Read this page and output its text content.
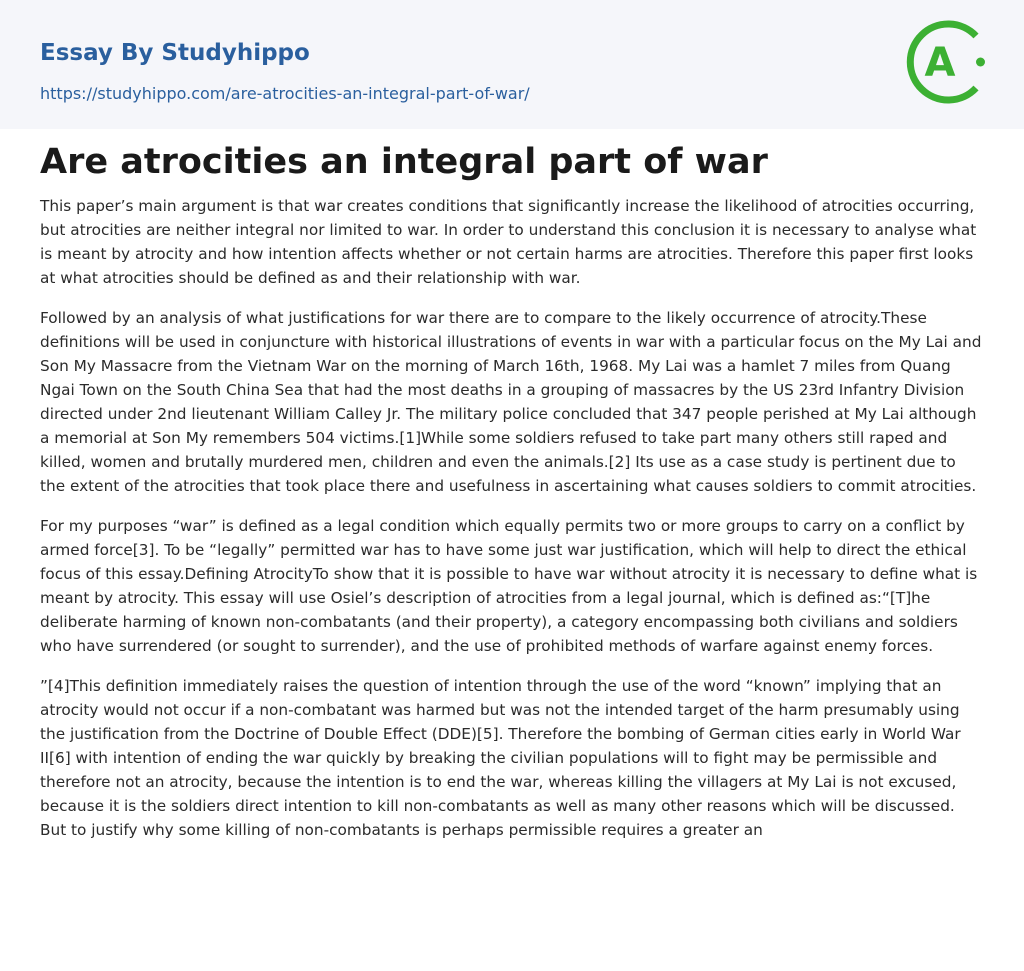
Essay By Studyhippo
https://studyhippo.com/are-atrocities-an-integral-part-of-war/
A
Are atrocities an integral part of war

This paper’s main argument is that war creates conditions that significantly increase the likelihood of atrocities occurring, but atrocities are neither integral nor limited to war. In order to understand this conclusion it is necessary to analyse what is meant by atrocity and how intention affects whether or not certain harms are atrocities. Therefore this paper first looks at what atrocities should be defined as and their relationship with war.

Followed by an analysis of what justifications for war there are to compare to the likely occurrence of atrocity.These definitions will be used in conjuncture with historical illustrations of events in war with a particular focus on the My Lai and Son My Massacre from the Vietnam War on the morning of March 16th, 1968. My Lai was a hamlet 7 miles from Quang Ngai Town on the South China Sea that had the most deaths in a grouping of massacres by the US 23rd Infantry Division directed under 2nd lieutenant William Calley Jr. The military police concluded that 347 people perished at My Lai although a memorial at Son My remembers 504 victims.[1]While some soldiers refused to take part many others still raped and killed, women and brutally murdered men, children and even the animals.[2] Its use as a case study is pertinent due to the extent of the atrocities that took place there and usefulness in ascertaining what causes soldiers to commit atrocities.

For my purposes “war” is defined as a legal condition which equally permits two or more groups to carry on a conflict by armed force[3]. To be “legally” permitted war has to have some just war justification, which will help to direct the ethical focus of this essay.Defining AtrocityTo show that it is possible to have war without atrocity it is necessary to define what is meant by atrocity. This essay will use Osiel’s description of atrocities from a legal journal, which is defined as:“[T]he deliberate harming of known non-combatants (and their property), a category encompassing both civilians and soldiers who have surrendered (or sought to surrender), and the use of prohibited methods of warfare against enemy forces.

”[4]This definition immediately raises the question of intention through the use of the word “known” implying that an atrocity would not occur if a non-combatant was harmed but was not the intended target of the harm presumably using the justification from the Doctrine of Double Effect (DDE)[5]. Therefore the bombing of German cities early in World War II[6] with intention of ending the war quickly by breaking the civilian populations will to fight may be permissible and therefore not an atrocity, because the intention is to end the war, whereas killing the villagers at My Lai is not excused, because it is the soldiers direct intention to kill non-combatants as well as many other reasons which will be discussed. But to justify why some killing of non-combatants is perhaps permissible requires a greater an
